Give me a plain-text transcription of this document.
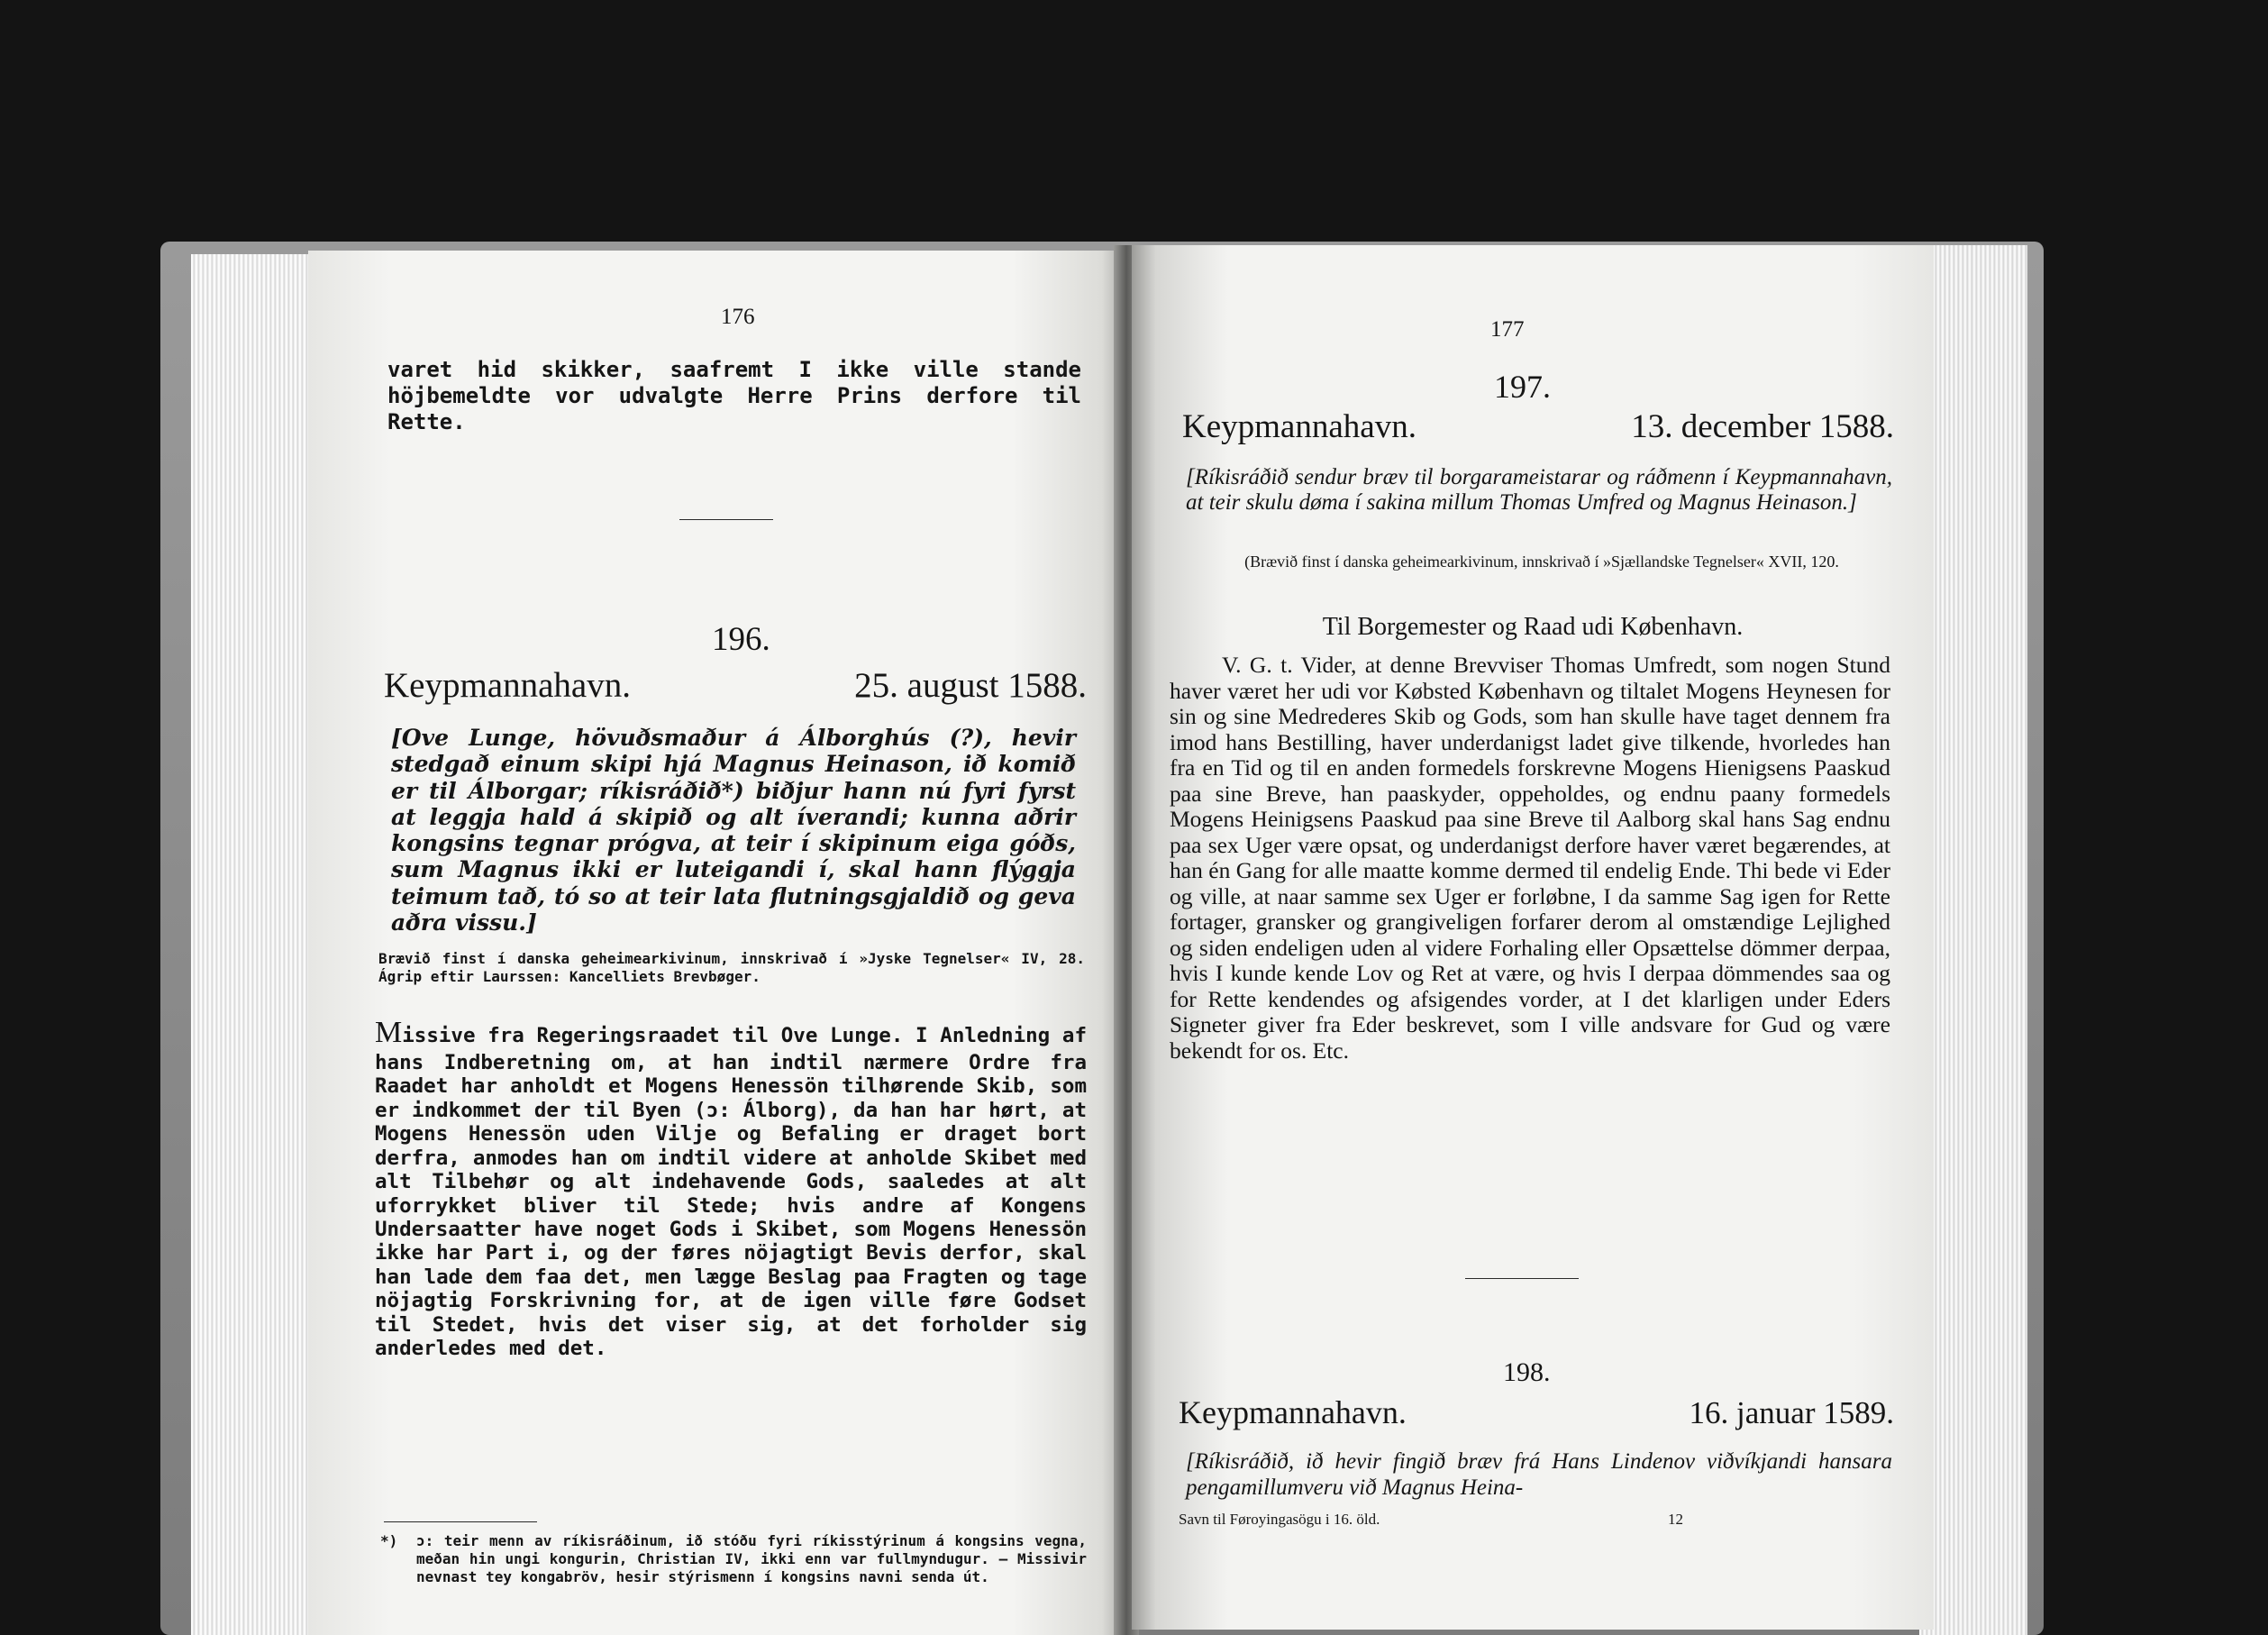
176
varet hid skikker, saafremt I ikke ville stande höjbemeldte vor udvalgte Herre Prins derfore til Rette.
196.
Keypmannahavn.	25. august 1588.
[Ove Lunge, hövuðsmaður á Álborghús (?), hevir stedgað einum skipi hjá Magnus Heinason, ið komið er til Álborgar; ríkisráðið*) biðjur hann nú fyri fyrst at leggja hald á skipið og alt íverandi; kunna aðrir kongsins tegnar prógva, at teir í skipinum eiga góðs, sum Magnus ikki er luteigandi í, skal hann flýggja teimum tað, tó so at teir lata flutningsgjaldið og geva aðra vissu.]
Brævið finst í danska geheimearkivinum, innskrivað í »Jyske Tegnelser« IV, 28. Ágrip eftir Laurssen: Kancelliets Brevbøger.
Missive fra Regeringsraadet til Ove Lunge. I Anledning af hans Indberetning om, at han indtil nærmere Ordre fra Raadet har anholdt et Mogens Henessön tilhørende Skib, som er indkommet der til Byen (ɔ: Álborg), da han har hørt, at Mogens Henessön uden Vilje og Befaling er draget bort derfra, anmodes han om indtil videre at anholde Skibet med alt Tilbehør og alt indehavende Gods, saaledes at alt uforrykket bliver til Stede; hvis andre af Kongens Undersaatter have noget Gods i Skibet, som Mogens Henessön ikke har Part i, og der føres nöjagtigt Bevis derfor, skal han lade dem faa det, men lægge Beslag paa Fragten og tage nöjagtig Forskrivning for, at de igen ville føre Godset til Stedet, hvis det viser sig, at det forholder sig anderledes med det.
*)	ɔ: teir menn av ríkisráðinum, ið stóðu fyri ríkisstýrinum á kongsins vegna, meðan hin ungi kongurin, Christian IV, ikki enn var fullmyndugur. — Missivir nevnast tey kongabröv, hesir stýrismenn í kongsins navni senda út.
177
197.
Keypmannahavn.	13. december 1588.
[Ríkisráðið sendur bræv til borgarameistarar og ráðmenn í Keypmannahavn, at teir skulu døma í sakina millum Thomas Umfred og Magnus Heinason.]
(Brævið finst í danska geheimearkivinum, innskrivað í »Sjællandske Tegnelser« XVII, 120.
Til Borgemester og Raad udi København.
V. G. t. Vider, at denne Brevviser Thomas Umfredt, som nogen Stund haver været her udi vor Købsted København og tiltalet Mogens Heynesen for sin og sine Medrederes Skib og Gods, som han skulle have taget dennem fra imod hans Bestilling, haver underdanigst ladet give tilkende, hvorledes han fra en Tid og til en anden formedels forskrevne Mogens Hienigsens Paaskud paa sine Breve, han paaskyder, oppeholdes, og endnu paany formedels Mogens Heinigsens Paaskud paa sine Breve til Aalborg skal hans Sag endnu paa sex Uger være opsat, og underdanigst derfore haver været begærendes, at han én Gang for alle maatte komme dermed til endelig Ende. Thi bede vi Eder og ville, at naar samme sex Uger er forløbne, I da samme Sag igen for Rette fortager, gransker og grangiveligen forfarer derom al omstændige Lejlighed og siden endeligen uden al videre Forhaling eller Opsættelse dömmer derpaa, hvis I kunde kende Lov og Ret at være, og hvis I derpaa dömmendes saa og for Rette kendendes og afsigendes vorder, at I det klarligen under Eders Signeter giver fra Eder beskrevet, som I ville andsvare for Gud og være bekendt for os. Etc.
198.
Keypmannahavn.	16. januar 1589.
[Ríkisráðið, ið hevir fingið bræv frá Hans Lindenov viðvíkjandi hansara pengamillumveru við Magnus Heina-
Savn til Føroyingasögu i 16. öld.	12
